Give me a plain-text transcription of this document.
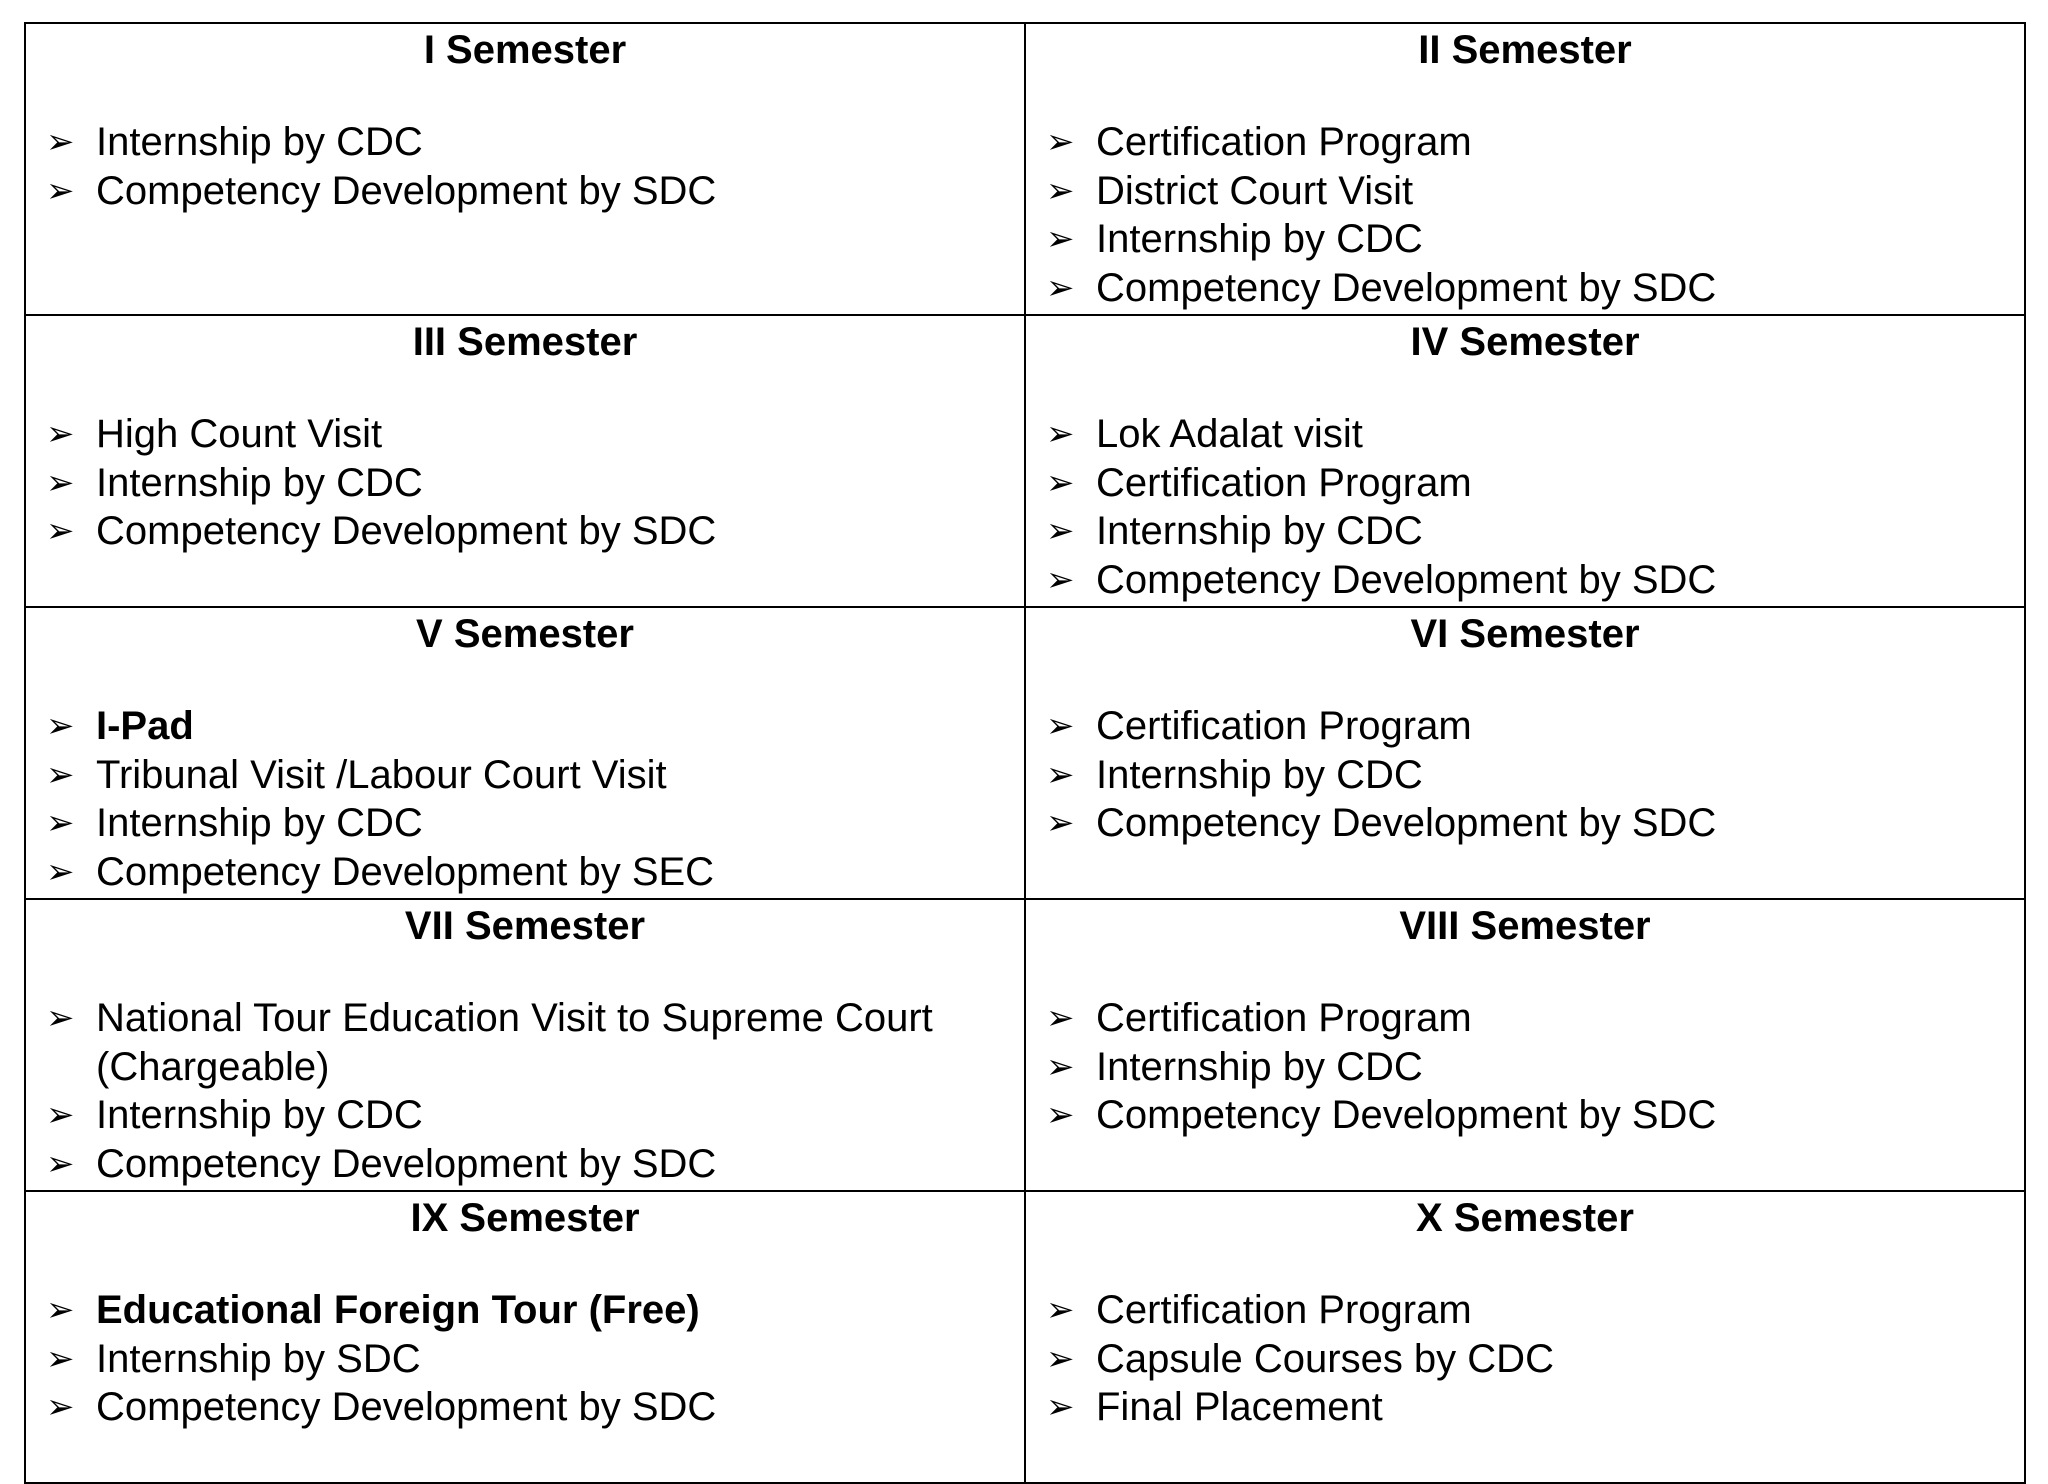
I Semester
➢ Internship by CDC
➢ Competency Development by SDC
II Semester
➢ Certification Program
➢ District Court Visit
➢ Internship by CDC
➢ Competency Development by SDC
III Semester
➢ High Count Visit
➢ Internship by CDC
➢ Competency Development by SDC
IV Semester
➢ Lok Adalat visit
➢ Certification Program
➢ Internship by CDC
➢ Competency Development by SDC
V Semester
➢ I-Pad
➢ Tribunal Visit /Labour Court Visit
➢ Internship by CDC
➢ Competency Development by SEC
VI Semester
➢ Certification Program
➢ Internship by CDC
➢ Competency Development by SDC
VII Semester
➢ National Tour Education Visit to Supreme Court (Chargeable)
➢ Internship by CDC
➢ Competency Development by SDC
VIII Semester
➢ Certification Program
➢ Internship by CDC
➢ Competency Development by SDC
IX Semester
➢ Educational Foreign Tour (Free)
➢ Internship by SDC
➢ Competency Development by SDC
X Semester
➢ Certification Program
➢ Capsule Courses by CDC
➢ Final Placement
